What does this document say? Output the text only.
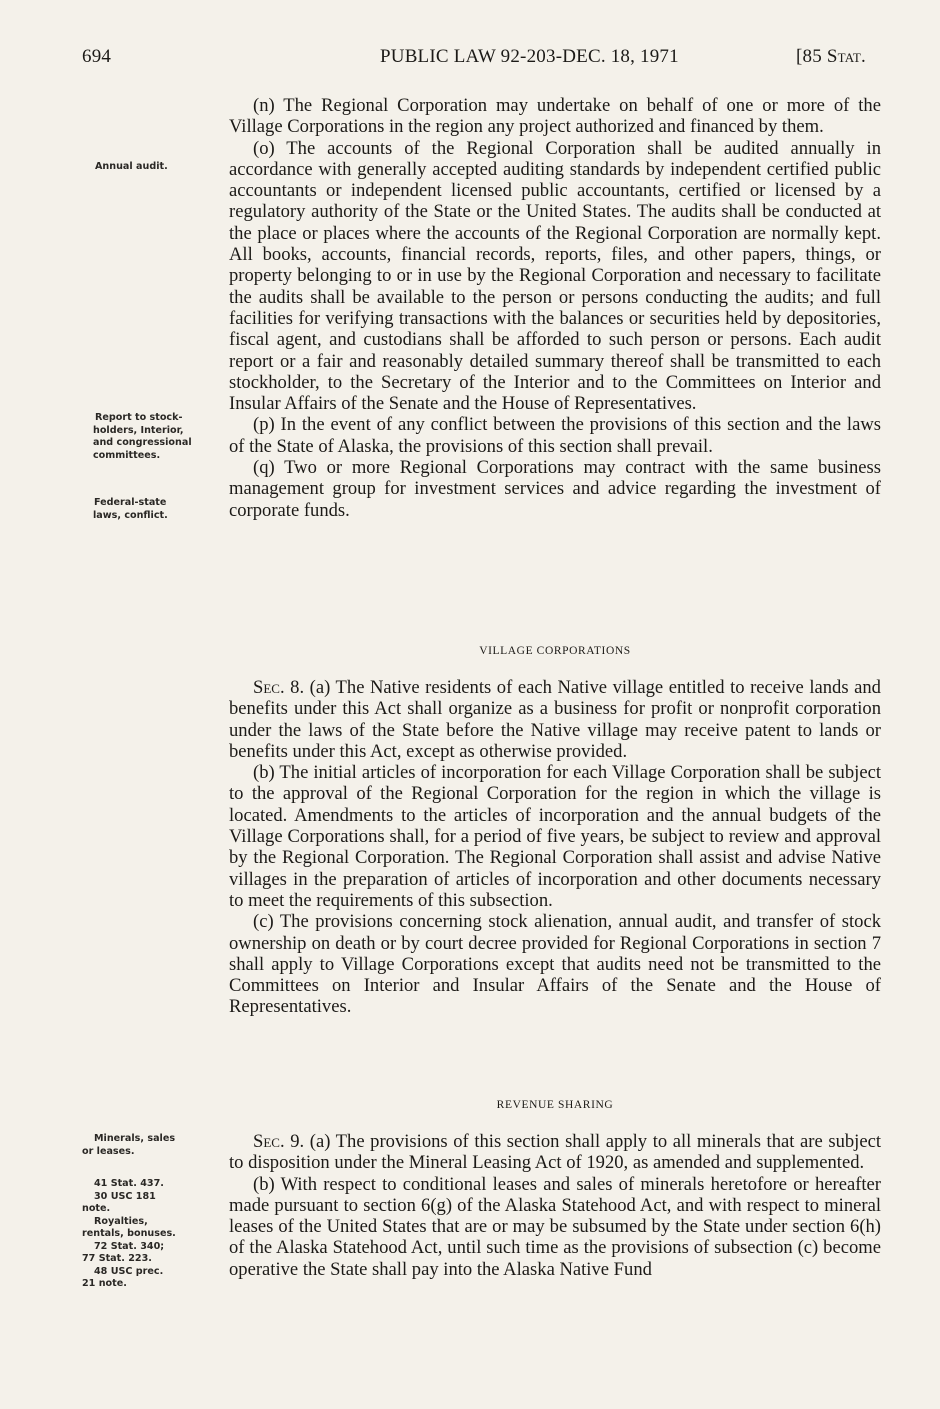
694	PUBLIC LAW 92-203-DEC. 18, 1971	[85 Stat.
Annual audit.
Report to stock-
holders, Interior,
and congressional
committees.
Federal-state
laws, conflict.
Minerals, sales
or leases.
41 Stat. 437.
30 USC 181
note.
Royalties,
rentals, bonuses.
72 Stat. 340;
77 Stat. 223.
48 USC prec.
21 note.

(n) The Regional Corporation may undertake on behalf of one or more of the Village Corporations in the region any project authorized and financed by them.

(o) The accounts of the Regional Corporation shall be audited annually in accordance with generally accepted auditing standards by independent certified public accountants or independent licensed public accountants, certified or licensed by a regulatory authority of the State or the United States. The audits shall be conducted at the place or places where the accounts of the Regional Corporation are normally kept. All books, accounts, financial records, reports, files, and other papers, things, or property belonging to or in use by the Regional Corporation and necessary to facilitate the audits shall be available to the person or persons conducting the audits; and full facilities for verifying transactions with the balances or securities held by depositories, fiscal agent, and custodians shall be afforded to such person or persons. Each audit report or a fair and reasonably detailed summary thereof shall be transmitted to each stockholder, to the Secretary of the Interior and to the Committees on Interior and Insular Affairs of the Senate and the House of Representatives.

(p) In the event of any conflict between the provisions of this section and the laws of the State of Alaska, the provisions of this section shall prevail.

(q) Two or more Regional Corporations may contract with the same business management group for investment services and advice regarding the investment of corporate funds.

VILLAGE CORPORATIONS

Sec. 8. (a) The Native residents of each Native village entitled to receive lands and benefits under this Act shall organize as a business for profit or nonprofit corporation under the laws of the State before the Native village may receive patent to lands or benefits under this Act, except as otherwise provided.

(b) The initial articles of incorporation for each Village Corporation shall be subject to the approval of the Regional Corporation for the region in which the village is located. Amendments to the articles of incorporation and the annual budgets of the Village Corporations shall, for a period of five years, be subject to review and approval by the Regional Corporation. The Regional Corporation shall assist and advise Native villages in the preparation of articles of incorporation and other documents necessary to meet the requirements of this subsection.

(c) The provisions concerning stock alienation, annual audit, and transfer of stock ownership on death or by court decree provided for Regional Corporations in section 7 shall apply to Village Corporations except that audits need not be transmitted to the Committees on Interior and Insular Affairs of the Senate and the House of Representatives.

REVENUE SHARING

Sec. 9. (a) The provisions of this section shall apply to all minerals that are subject to disposition under the Mineral Leasing Act of 1920, as amended and supplemented.

(b) With respect to conditional leases and sales of minerals heretofore or hereafter made pursuant to section 6(g) of the Alaska Statehood Act, and with respect to mineral leases of the United States that are or may be subsumed by the State under section 6(h) of the Alaska Statehood Act, until such time as the provisions of subsection (c) become operative the State shall pay into the Alaska Native Fund
